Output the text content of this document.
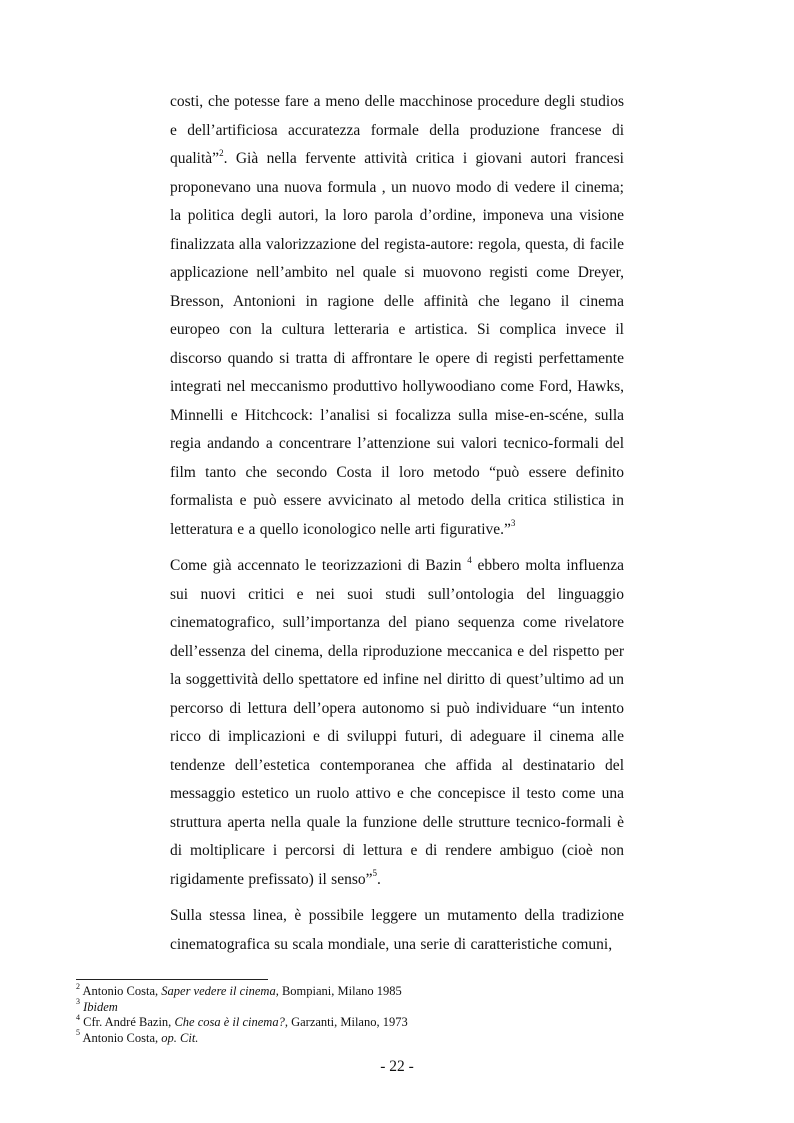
costi, che potesse fare a meno delle macchinose procedure degli studios e dell’artificiosa accuratezza formale della produzione francese di qualità”$^2$. Già nella fervente attività critica i giovani autori francesi proponevano una nuova formula , un nuovo modo di vedere il cinema; la politica degli autori, la loro parola d’ordine, imponeva una visione finalizzata alla valorizzazione del regista-autore: regola, questa, di facile applicazione nell’ambito nel quale si muovono registi come Dreyer, Bresson, Antonioni in ragione delle affinità che legano il cinema europeo con la cultura letteraria e artistica. Si complica invece il discorso quando si tratta di affrontare le opere di registi perfettamente integrati nel meccanismo produttivo hollywoodiano come Ford, Hawks, Minnelli e Hitchcock: l’analisi si focalizza sulla mise-en-scéne, sulla regia andando a concentrare l’attenzione sui valori tecnico-formali del film tanto che secondo Costa il loro metodo “può essere definito formalista e può essere avvicinato al metodo della critica stilistica in letteratura e a quello iconologico nelle arti figurative.”$^3$

Come già accennato le teorizzazioni di Bazin $^4$ ebbero molta influenza sui nuovi critici e nei suoi studi sull’ontologia del linguaggio cinematografico, sull’importanza del piano sequenza come rivelatore dell’essenza del cinema, della riproduzione meccanica e del rispetto per la soggettività dello spettatore ed infine nel diritto di quest’ultimo ad un percorso di lettura dell’opera autonomo si può individuare “un intento ricco di implicazioni e di sviluppi futuri, di adeguare il cinema alle tendenze dell’estetica contemporanea che affida al destinatario del messaggio estetico un ruolo attivo e che concepisce il testo come una struttura aperta nella quale la funzione delle strutture tecnico-formali è di moltiplicare i percorsi di lettura e di rendere ambiguo (cioè non rigidamente prefissato) il senso”$^5$.

Sulla stessa linea, è possibile leggere un mutamento della tradizione cinematografica su scala mondiale, una serie di caratteristiche comuni,

$^2$ Antonio Costa, Saper vedere il cinema, Bompiani, Milano 1985

$^3$ Ibidem

$^4$ Cfr. André Bazin, Che cosa è il cinema?, Garzanti, Milano, 1973

$^5$ Antonio Costa, op. Cit.

- 22 -
